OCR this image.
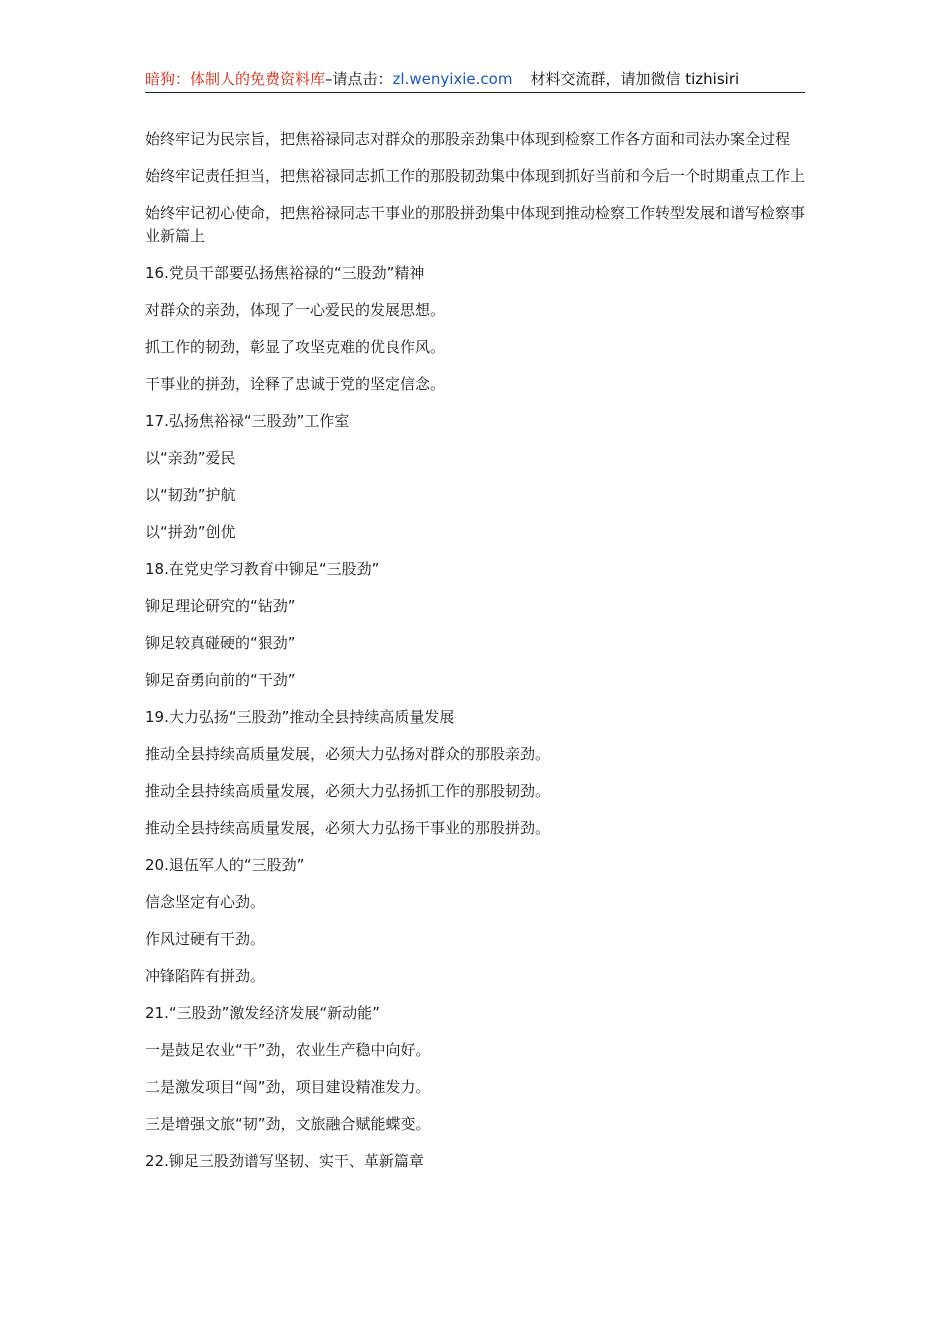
暗狗：体制人的免费资料库–请点击：zl.wenyixie.com 材料交流群，请加微信 tizhisiri

始终牢记为民宗旨，把焦裕禄同志对群众的那股亲劲集中体现到检察工作各方面和司法办案全过程

始终牢记责任担当，把焦裕禄同志抓工作的那股韧劲集中体现到抓好当前和今后一个时期重点工作上

始终牢记初心使命，把焦裕禄同志干事业的那股拼劲集中体现到推动检察工作转型发展和谱写检察事业新篇上

16.党员干部要弘扬焦裕禄的“三股劲”精神

对群众的亲劲，体现了一心爱民的发展思想。

抓工作的韧劲，彰显了攻坚克难的优良作风。

干事业的拼劲，诠释了忠诚于党的坚定信念。

17.弘扬焦裕禄“三股劲”工作室

以“亲劲”爱民

以“韧劲”护航

以“拼劲”创优

18.在党史学习教育中铆足“三股劲”

铆足理论研究的“钻劲”

铆足较真碰硬的“狠劲”

铆足奋勇向前的“干劲”

19.大力弘扬“三股劲”推动全县持续高质量发展

推动全县持续高质量发展，必须大力弘扬对群众的那股亲劲。

推动全县持续高质量发展，必须大力弘扬抓工作的那股韧劲。

推动全县持续高质量发展，必须大力弘扬干事业的那股拼劲。

20.退伍军人的“三股劲”

信念坚定有心劲。

作风过硬有干劲。

冲锋陷阵有拼劲。

21.“三股劲”激发经济发展“新动能”

一是鼓足农业“干”劲，农业生产稳中向好。

二是激发项目“闯”劲，项目建设精准发力。

三是增强文旅“韧”劲，文旅融合赋能蝶变。

22.铆足三股劲谱写坚韧、实干、革新篇章
